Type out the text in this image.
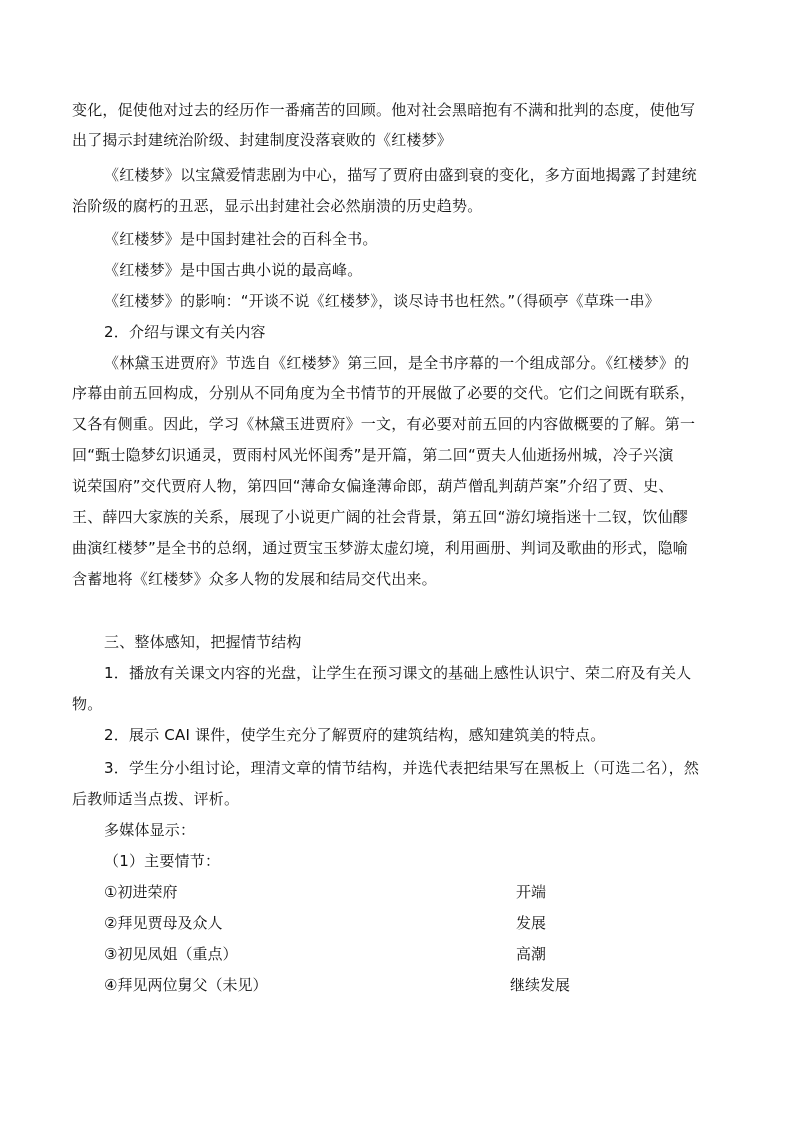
变化，促使他对过去的经历作一番痛苦的回顾。他对社会黑暗抱有不满和批判的态度，使他写
出了揭示封建统治阶级、封建制度没落衰败的《红楼梦》
《红楼梦》以宝黛爱情悲剧为中心，描写了贾府由盛到衰的变化，多方面地揭露了封建统
治阶级的腐朽的丑恶，显示出封建社会必然崩溃的历史趋势。
《红楼梦》是中国封建社会的百科全书。
《红楼梦》是中国古典小说的最高峰。
《红楼梦》的影响：“开谈不说《红楼梦》，谈尽诗书也枉然。”（得硕亭《草珠一串》
2．介绍与课文有关内容
《林黛玉进贾府》节选自《红楼梦》第三回，是全书序幕的一个组成部分。《红楼梦》的
序幕由前五回构成，分别从不同角度为全书情节的开展做了必要的交代。它们之间既有联系，
又各有侧重。因此，学习《林黛玉进贾府》一文，有必要对前五回的内容做概要的了解。第一
回“甄士隐梦幻识通灵，贾雨村风光怀闺秀”是开篇，第二回“贾夫人仙逝扬州城，冷子兴演
说荣国府”交代贾府人物，第四回“薄命女偏逢薄命郎，葫芦僧乱判葫芦案”介绍了贾、史、
王、薛四大家族的关系，展现了小说更广阔的社会背景，第五回“游幻境指迷十二钗，饮仙醪
曲演红楼梦”是全书的总纲，通过贾宝玉梦游太虚幻境，利用画册、判词及歌曲的形式，隐喻
含蓄地将《红楼梦》众多人物的发展和结局交代出来。
三、整体感知，把握情节结构
1．播放有关课文内容的光盘，让学生在预习课文的基础上感性认识宁、荣二府及有关人
物。
2．展示 CAI 课件，使学生充分了解贾府的建筑结构，感知建筑美的特点。
3．学生分小组讨论，理清文章的情节结构，并选代表把结果写在黑板上（可选二名），然
后教师适当点拨、评析。
多媒体显示：
（1）主要情节：
①初进荣府	开端
②拜见贾母及众人	发展
③初见凤姐（重点）	高潮
④拜见两位舅父（未见）	继续发展
